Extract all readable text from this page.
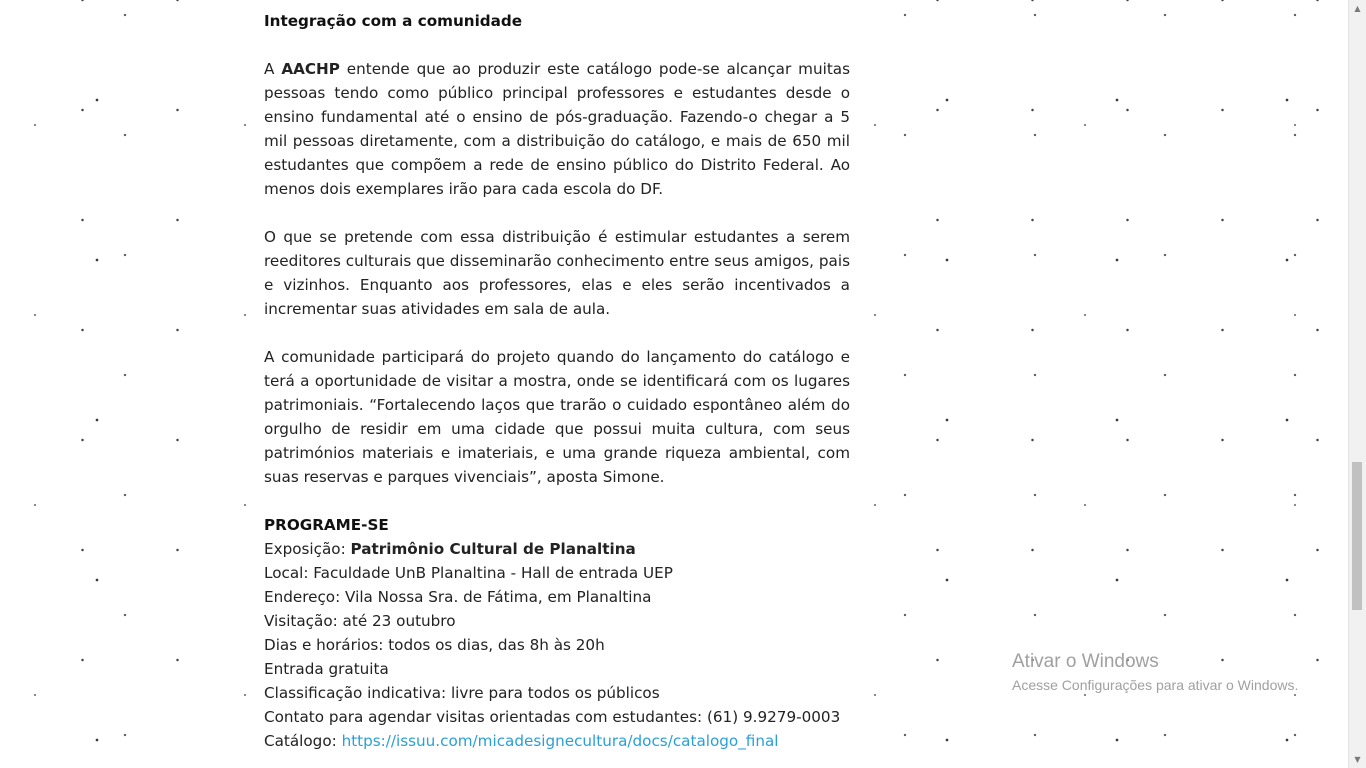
Integração com a comunidade

A AACHP entende que ao produzir este catálogo pode-se alcançar muitas pessoas tendo como público principal professores e estudantes desde o ensino fundamental até o ensino de pós-graduação. Fazendo-o chegar a 5 mil pessoas diretamente, com a distribuição do catálogo, e mais de 650 mil estudantes que compõem a rede de ensino público do Distrito Federal. Ao menos dois exemplares irão para cada escola do DF.

O que se pretende com essa distribuição é estimular estudantes a serem reeditores culturais que disseminarão conhecimento entre seus amigos, pais e vizinhos. Enquanto aos professores, elas e eles serão incentivados a incrementar suas atividades em sala de aula.

A comunidade participará do projeto quando do lançamento do catálogo e terá a oportunidade de visitar a mostra, onde se identificará com os lugares patrimoniais. “Fortalecendo laços que trarão o cuidado espontâneo além do orgulho de residir em uma cidade que possui muita cultura, com seus patrimónios materiais e imateriais, e uma grande riqueza ambiental, com suas reservas e parques vivenciais”, aposta Simone.

PROGRAME-SE
Exposição: Patrimônio Cultural de Planaltina
Local: Faculdade UnB Planaltina - Hall de entrada UEP
Endereço: Vila Nossa Sra. de Fátima, em Planaltina
Visitação: até 23 outubro
Dias e horários: todos os dias, das 8h às 20h
Entrada gratuita
Classificação indicativa: livre para todos os públicos
Contato para agendar visitas orientadas com estudantes: (61) 9.9279-0003
Catálogo: https://issuu.com/micadesignecultura/docs/catalogo_final
Ativar o Windows
Acesse Configurações para ativar o Windows.
▲
▼
